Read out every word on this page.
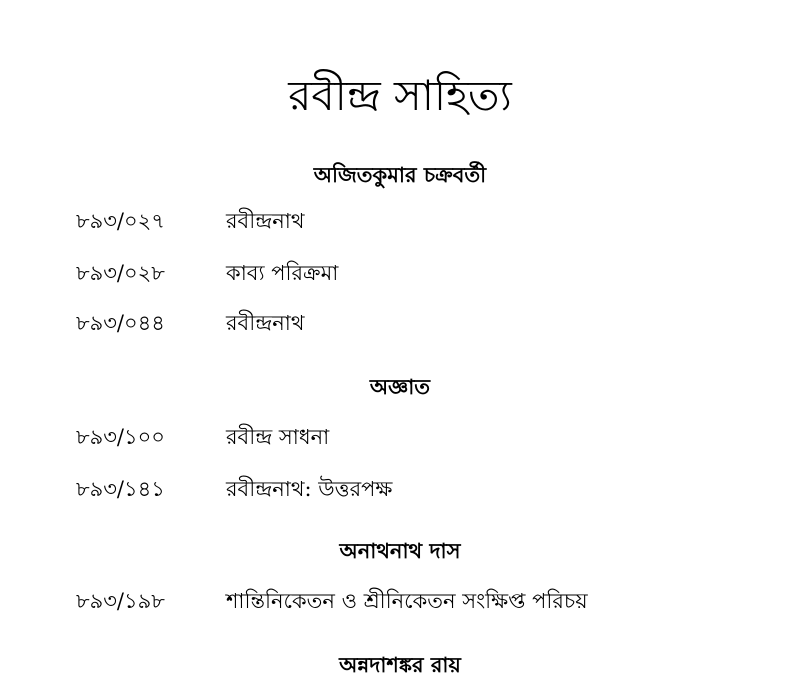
রবীন্দ্র সাহিত্য
অজিতকুমার চক্রবর্তী
৮৯৩/০২৭	রবীন্দ্রনাথ
৮৯৩/০২৮	কাব্য পরিক্রমা
৮৯৩/০৪৪	রবীন্দ্রনাথ
অজ্ঞাত
৮৯৩/১০০	রবীন্দ্র সাধনা
৮৯৩/১৪১	রবীন্দ্রনাথ: উত্তরপক্ষ
অনাথনাথ দাস
৮৯৩/১৯৮	শান্তিনিকেতন ও শ্রীনিকেতন সংক্ষিপ্ত পরিচয়
অন্নদাশঙ্কর রায়
